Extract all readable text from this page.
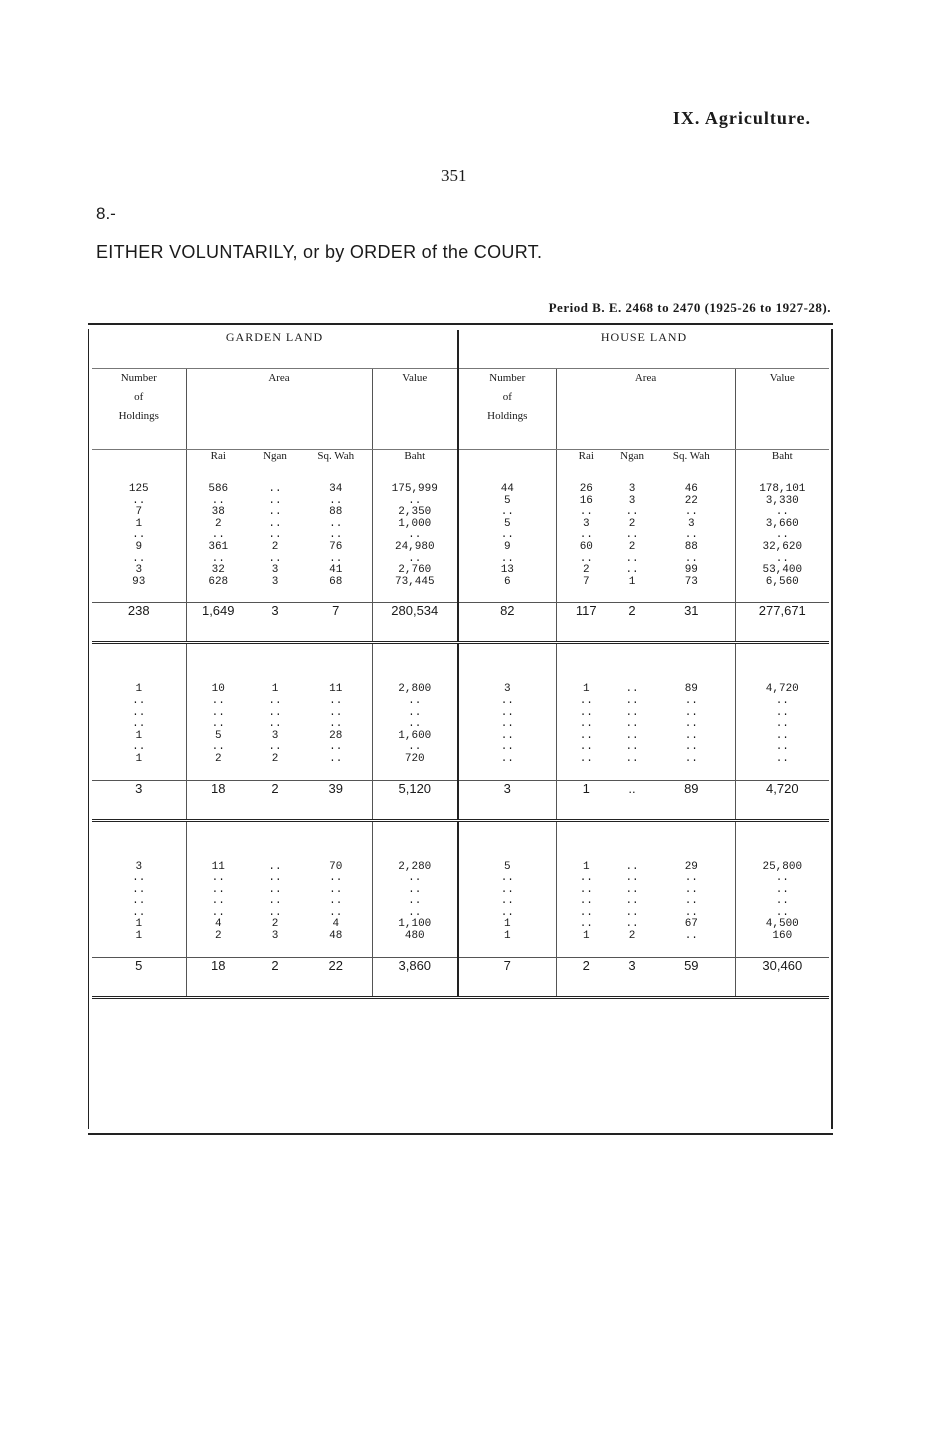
IX. Agriculture.
351
8.-
EITHER VOLUNTARILY, or by ORDER of the COURT.
Period B. E. 2468 to 2470 (1925-26 to 1927-28).
GARDEN LAND					HOUSE LAND				
Number
of
Holdings	Area			Value	Number
of
Holdings	Area			Value
	Rai	Ngan	Sq. Wah	Baht		Rai	Ngan	Sq. Wah	Baht
125	586	..	34	175,999	44	26	3	46	178,101
..	..	..	..	..	5	16	3	22	3,330
7	38	..	88	2,350	..	..	..	..	..
1	2	..	..	1,000	5	3	2	3	3,660
..	..	..	..	..	..	..	..	..	..
9	361	2	76	24,980	9	60	2	88	32,620
..	..	..	..	..	..	..	..	..	..
3	32	3	41	2,760	13	2	..	99	53,400
93	628	3	68	73,445	6	7	1	73	6,560

238	1,649	3	7	280,534	82	117	2	31	277,671

1	10	1	11	2,800	3	1	..	89	4,720
..	..	..	..	..	..	..	..	..	..
..	..	..	..	..	..	..	..	..	..
..	..	..	..	..	..	..	..	..	..
1	5	3	28	1,600	..	..	..	..	..
..	..	..	..	..	..	..	..	..	..
1	2	2	..	720	..	..	..	..	..

3	18	2	39	5,120	3	1	..	89	4,720

3	11	..	70	2,280	5	1	..	29	25,800
..	..	..	..	..	..	..	..	..	..
..	..	..	..	..	..	..	..	..	..
..	..	..	..	..	..	..	..	..	..
..	..	..	..	..	..	..	..	..	..
1	4	2	4	1,100	1	..	..	67	4,500
1	2	3	48	480	1	1	2	..	160

5	18	2	22	3,860	7	2	3	59	30,460
